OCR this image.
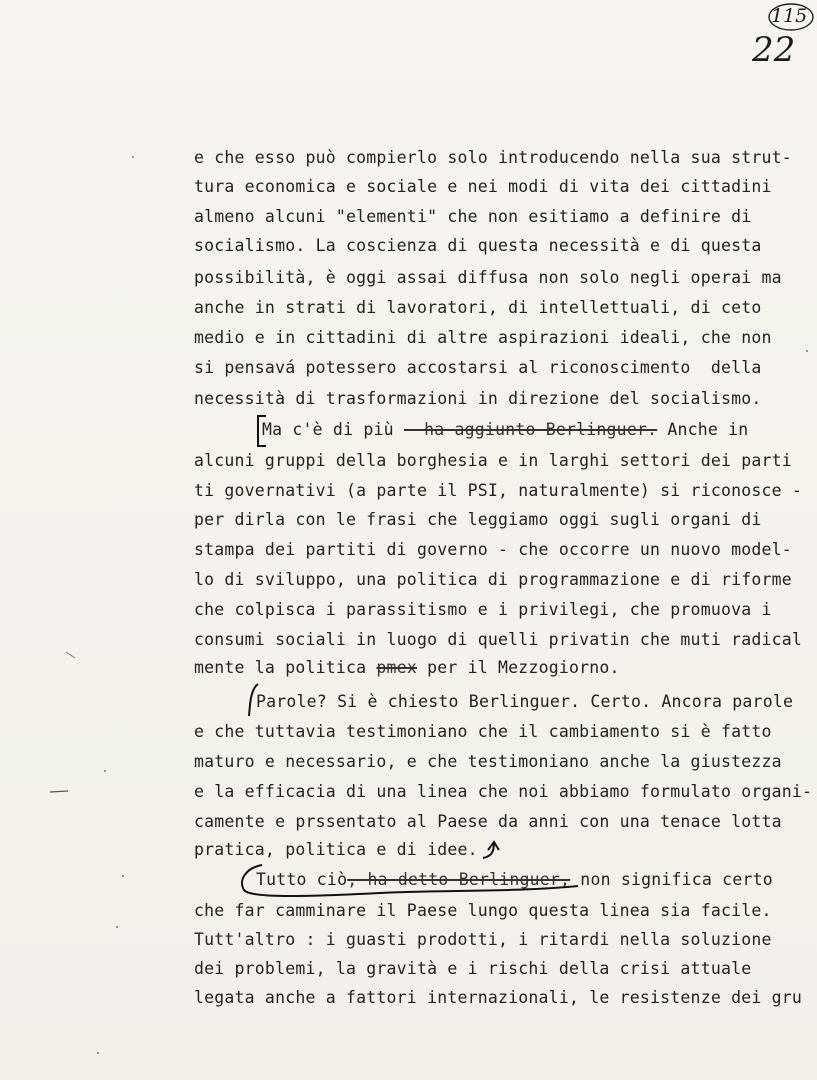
115
22
e che esso può compierlo solo introducendo nella sua strut-
tura economica e sociale e nei modi di vita dei cittadini
almeno alcuni "elementi" che non esitiamo a definire di
socialismo. La coscienza di questa necessità e di questa
possibilità, è oggi assai diffusa non solo negli operai ma
anche in strati di lavoratori, di intellettuali, di ceto
medio e in cittadini di altre aspirazioni ideali, che non
si pensavá potessero accostarsi al riconoscimento  della
necessità di trasformazioni in direzione del socialismo.
Ma c'è di più - ha aggiunto Berlinguer. Anche in
alcuni gruppi della borghesia e in larghi settori dei parti
ti governativi (a parte il PSI, naturalmente) si riconosce -
per dirla con le frasi che leggiamo oggi sugli organi di
stampa dei partiti di governo - che occorre un nuovo model-
lo di sviluppo, una politica di programmazione e di riforme
che colpisca i parassitismo e i privilegi, che promuova i
consumi sociali in luogo di quelli privatin che muti radical
mente la politica pmex per il Mezzogiorno.
Parole? Si è chiesto Berlinguer. Certo. Ancora parole
e che tuttavia testimoniano che il cambiamento si è fatto
maturo e necessario, e che testimoniano anche la giustezza
e la efficacia di una linea che noi abbiamo formulato organi-
camente e prssentato al Paese da anni con una tenace lotta
pratica, politica e di idee.
Tutto ciò, ha detto Berlinguer, non significa certo
che far camminare il Paese lungo questa linea sia facile.
Tutt'altro : i guasti prodotti, i ritardi nella soluzione
dei problemi, la gravità e i rischi della crisi attuale
legata anche a fattori internazionali, le resistenze dei gru
